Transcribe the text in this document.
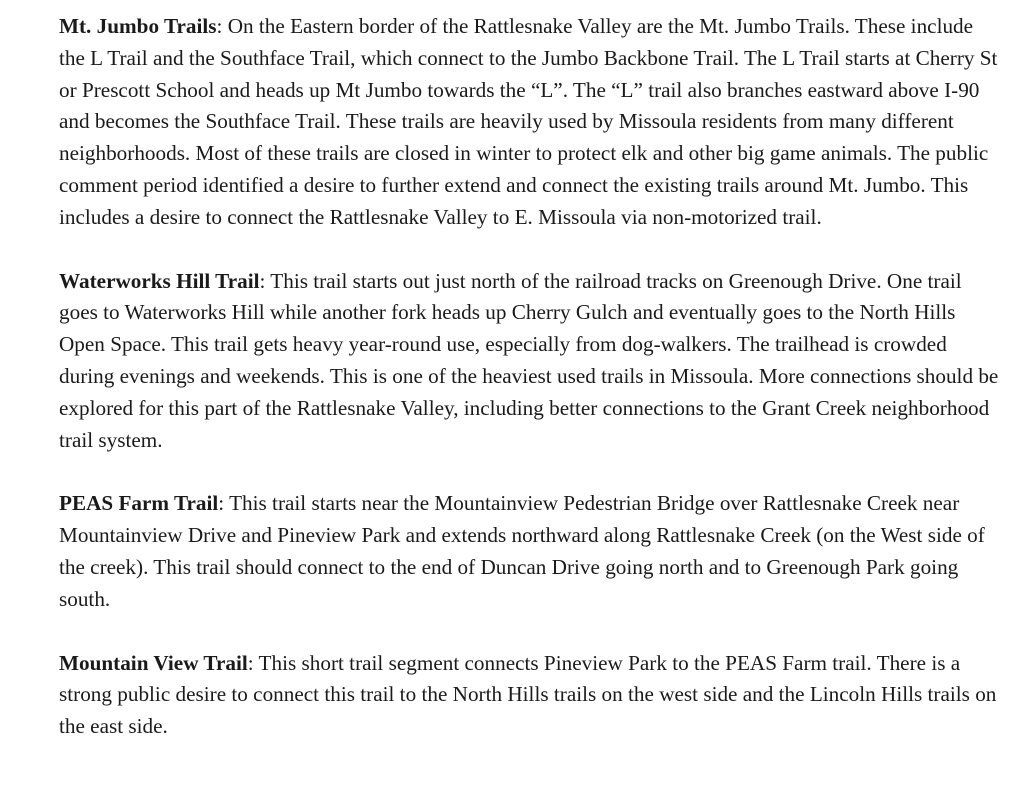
Mt. Jumbo Trails: On the Eastern border of the Rattlesnake Valley are the Mt. Jumbo Trails. These include the L Trail and the Southface Trail, which connect to the Jumbo Backbone Trail. The L Trail starts at Cherry St or Prescott School and heads up Mt Jumbo towards the “L”. The “L” trail also branches eastward above I-90 and becomes the Southface Trail. These trails are heavily used by Missoula residents from many different neighborhoods. Most of these trails are closed in winter to protect elk and other big game animals. The public comment period identified a desire to further extend and connect the existing trails around Mt. Jumbo. This includes a desire to connect the Rattlesnake Valley to E. Missoula via non-motorized trail.

Waterworks Hill Trail: This trail starts out just north of the railroad tracks on Greenough Drive. One trail goes to Waterworks Hill while another fork heads up Cherry Gulch and eventually goes to the North Hills Open Space. This trail gets heavy year-round use, especially from dog-walkers. The trailhead is crowded during evenings and weekends. This is one of the heaviest used trails in Missoula. More connections should be explored for this part of the Rattlesnake Valley, including better connections to the Grant Creek neighborhood trail system.

PEAS Farm Trail: This trail starts near the Mountainview Pedestrian Bridge over Rattlesnake Creek near Mountainview Drive and Pineview Park and extends northward along Rattlesnake Creek (on the West side of the creek). This trail should connect to the end of Duncan Drive going north and to Greenough Park going south.

Mountain View Trail: This short trail segment connects Pineview Park to the PEAS Farm trail. There is a strong public desire to connect this trail to the North Hills trails on the west side and the Lincoln Hills trails on the east side.
